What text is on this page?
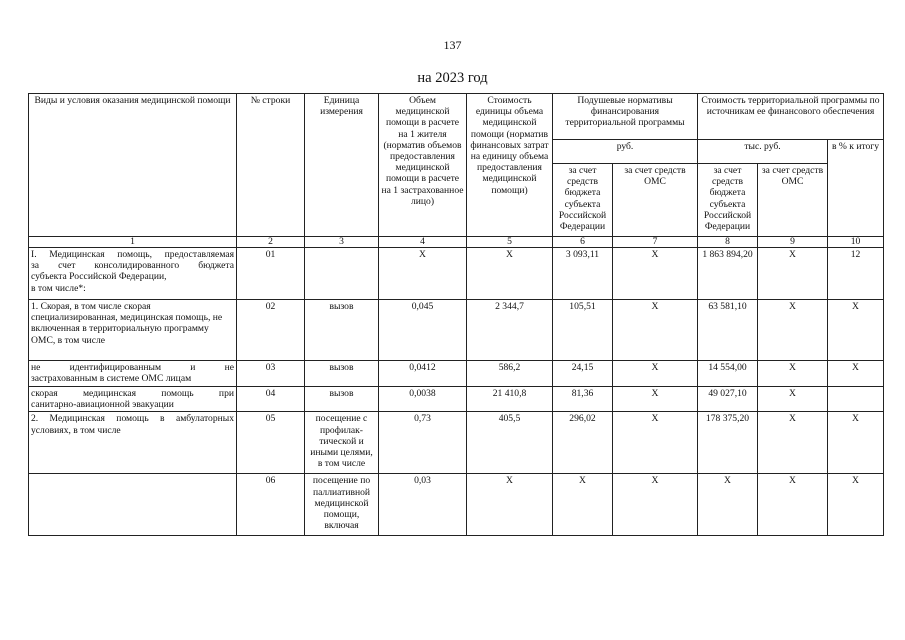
137
на 2023 год
Виды и условия оказания медицинской помощи	№ строки	Единица измерения	Объем медицинской помощи в расчете на 1 жителя (норматив объемов предоставления медицинской помощи в расчете на 1 застрахованное лицо)	Стоимость единицы объема медицинской помощи (норматив финансовых затрат на единицу объема предоставления медицинской помощи)	Подушевые нормативы финансирования территориальной программы		Стоимость территориальной программы по источникам ее финансового обеспечения		
					руб.		тыс. руб.		в % к итогу
					за счет средств бюджета субъекта Российской Федерации	за счет средств ОМС	за счет средств бюджета субъекта Российской Федерации	за счет средств ОМС	
1	2	3	4	5	6	7	8	9	10

I. Медицинская помощь, предоставляемая
за счет консолидированного бюджета
субъекта Российской Федерации,
в том числе*:	01		Х	Х	3 093,11	Х	1 863 894,20	Х	12
1. Скорая, в том числе скорая специализированная, медицинская помощь, не включенная в территориальную программу ОМС, в том числе	02	вызов	0,045	2 344,7	105,51	Х	63 581,10	Х	Х

не идентифицированным и не
застрахованным в системе ОМС лицам	03	вызов	0,0412	586,2	24,15	Х	14 554,00	Х	Х

скорая медицинская помощь при
санитарно-авиационной эвакуации	04	вызов	0,0038	21 410,8	81,36	Х	49 027,10	Х	

2. Медицинская помощь в амбулаторных
условиях, в том числе	05	посещение с профилак-тической и иными целями, в том числе	0,73	405,5	296,02	Х	178 375,20	Х	Х
	06	посещение по паллиативной медицинской помощи, включая	0,03	Х	Х	Х	Х	Х	Х
